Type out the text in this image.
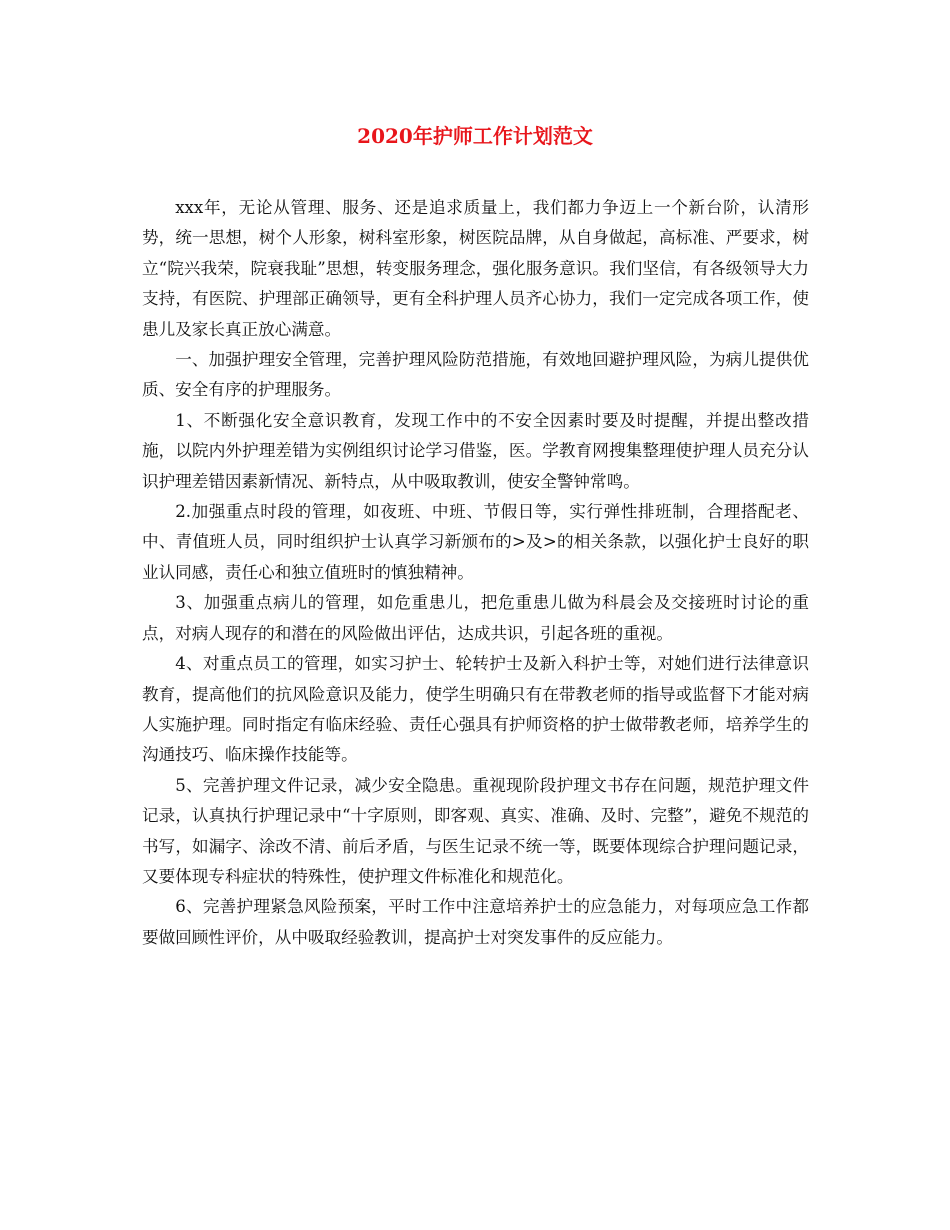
2020年护师工作计划范文

xxx年，无论从管理、服务、还是追求质量上，我们都力争迈上一个新台阶，认清形势，统一思想，树个人形象，树科室形象，树医院品牌，从自身做起，高标准、严要求，树立“院兴我荣，院衰我耻”思想，转变服务理念，强化服务意识。我们坚信，有各级领导大力支持，有医院、护理部正确领导，更有全科护理人员齐心协力，我们一定完成各项工作，使患儿及家长真正放心满意。

一、加强护理安全管理，完善护理风险防范措施，有效地回避护理风险，为病儿提供优质、安全有序的护理服务。

1、不断强化安全意识教育，发现工作中的不安全因素时要及时提醒，并提出整改措施，以院内外护理差错为实例组织讨论学习借鉴，医。学教育网搜集整理使护理人员充分认识护理差错因素新情况、新特点，从中吸取教训，使安全警钟常鸣。

2.加强重点时段的管理，如夜班、中班、节假日等，实行弹性排班制，合理搭配老、中、青值班人员，同时组织护士认真学习新颁布的>及>的相关条款，以强化护士良好的职业认同感，责任心和独立值班时的慎独精神。

3、加强重点病儿的管理，如危重患儿，把危重患儿做为科晨会及交接班时讨论的重点，对病人现存的和潜在的风险做出评估，达成共识，引起各班的重视。

4、对重点员工的管理，如实习护士、轮转护士及新入科护士等，对她们进行法律意识教育，提高他们的抗风险意识及能力，使学生明确只有在带教老师的指导或监督下才能对病人实施护理。同时指定有临床经验、责任心强具有护师资格的护士做带教老师，培养学生的沟通技巧、临床操作技能等。

5、完善护理文件记录，减少安全隐患。重视现阶段护理文书存在问题，规范护理文件记录，认真执行护理记录中“十字原则，即客观、真实、准确、及时、完整”，避免不规范的书写，如漏字、涂改不清、前后矛盾，与医生记录不统一等，既要体现综合护理问题记录，又要体现专科症状的特殊性，使护理文件标准化和规范化。

6、完善护理紧急风险预案，平时工作中注意培养护士的应急能力，对每项应急工作都要做回顾性评价，从中吸取经验教训，提高护士对突发事件的反应能力。
